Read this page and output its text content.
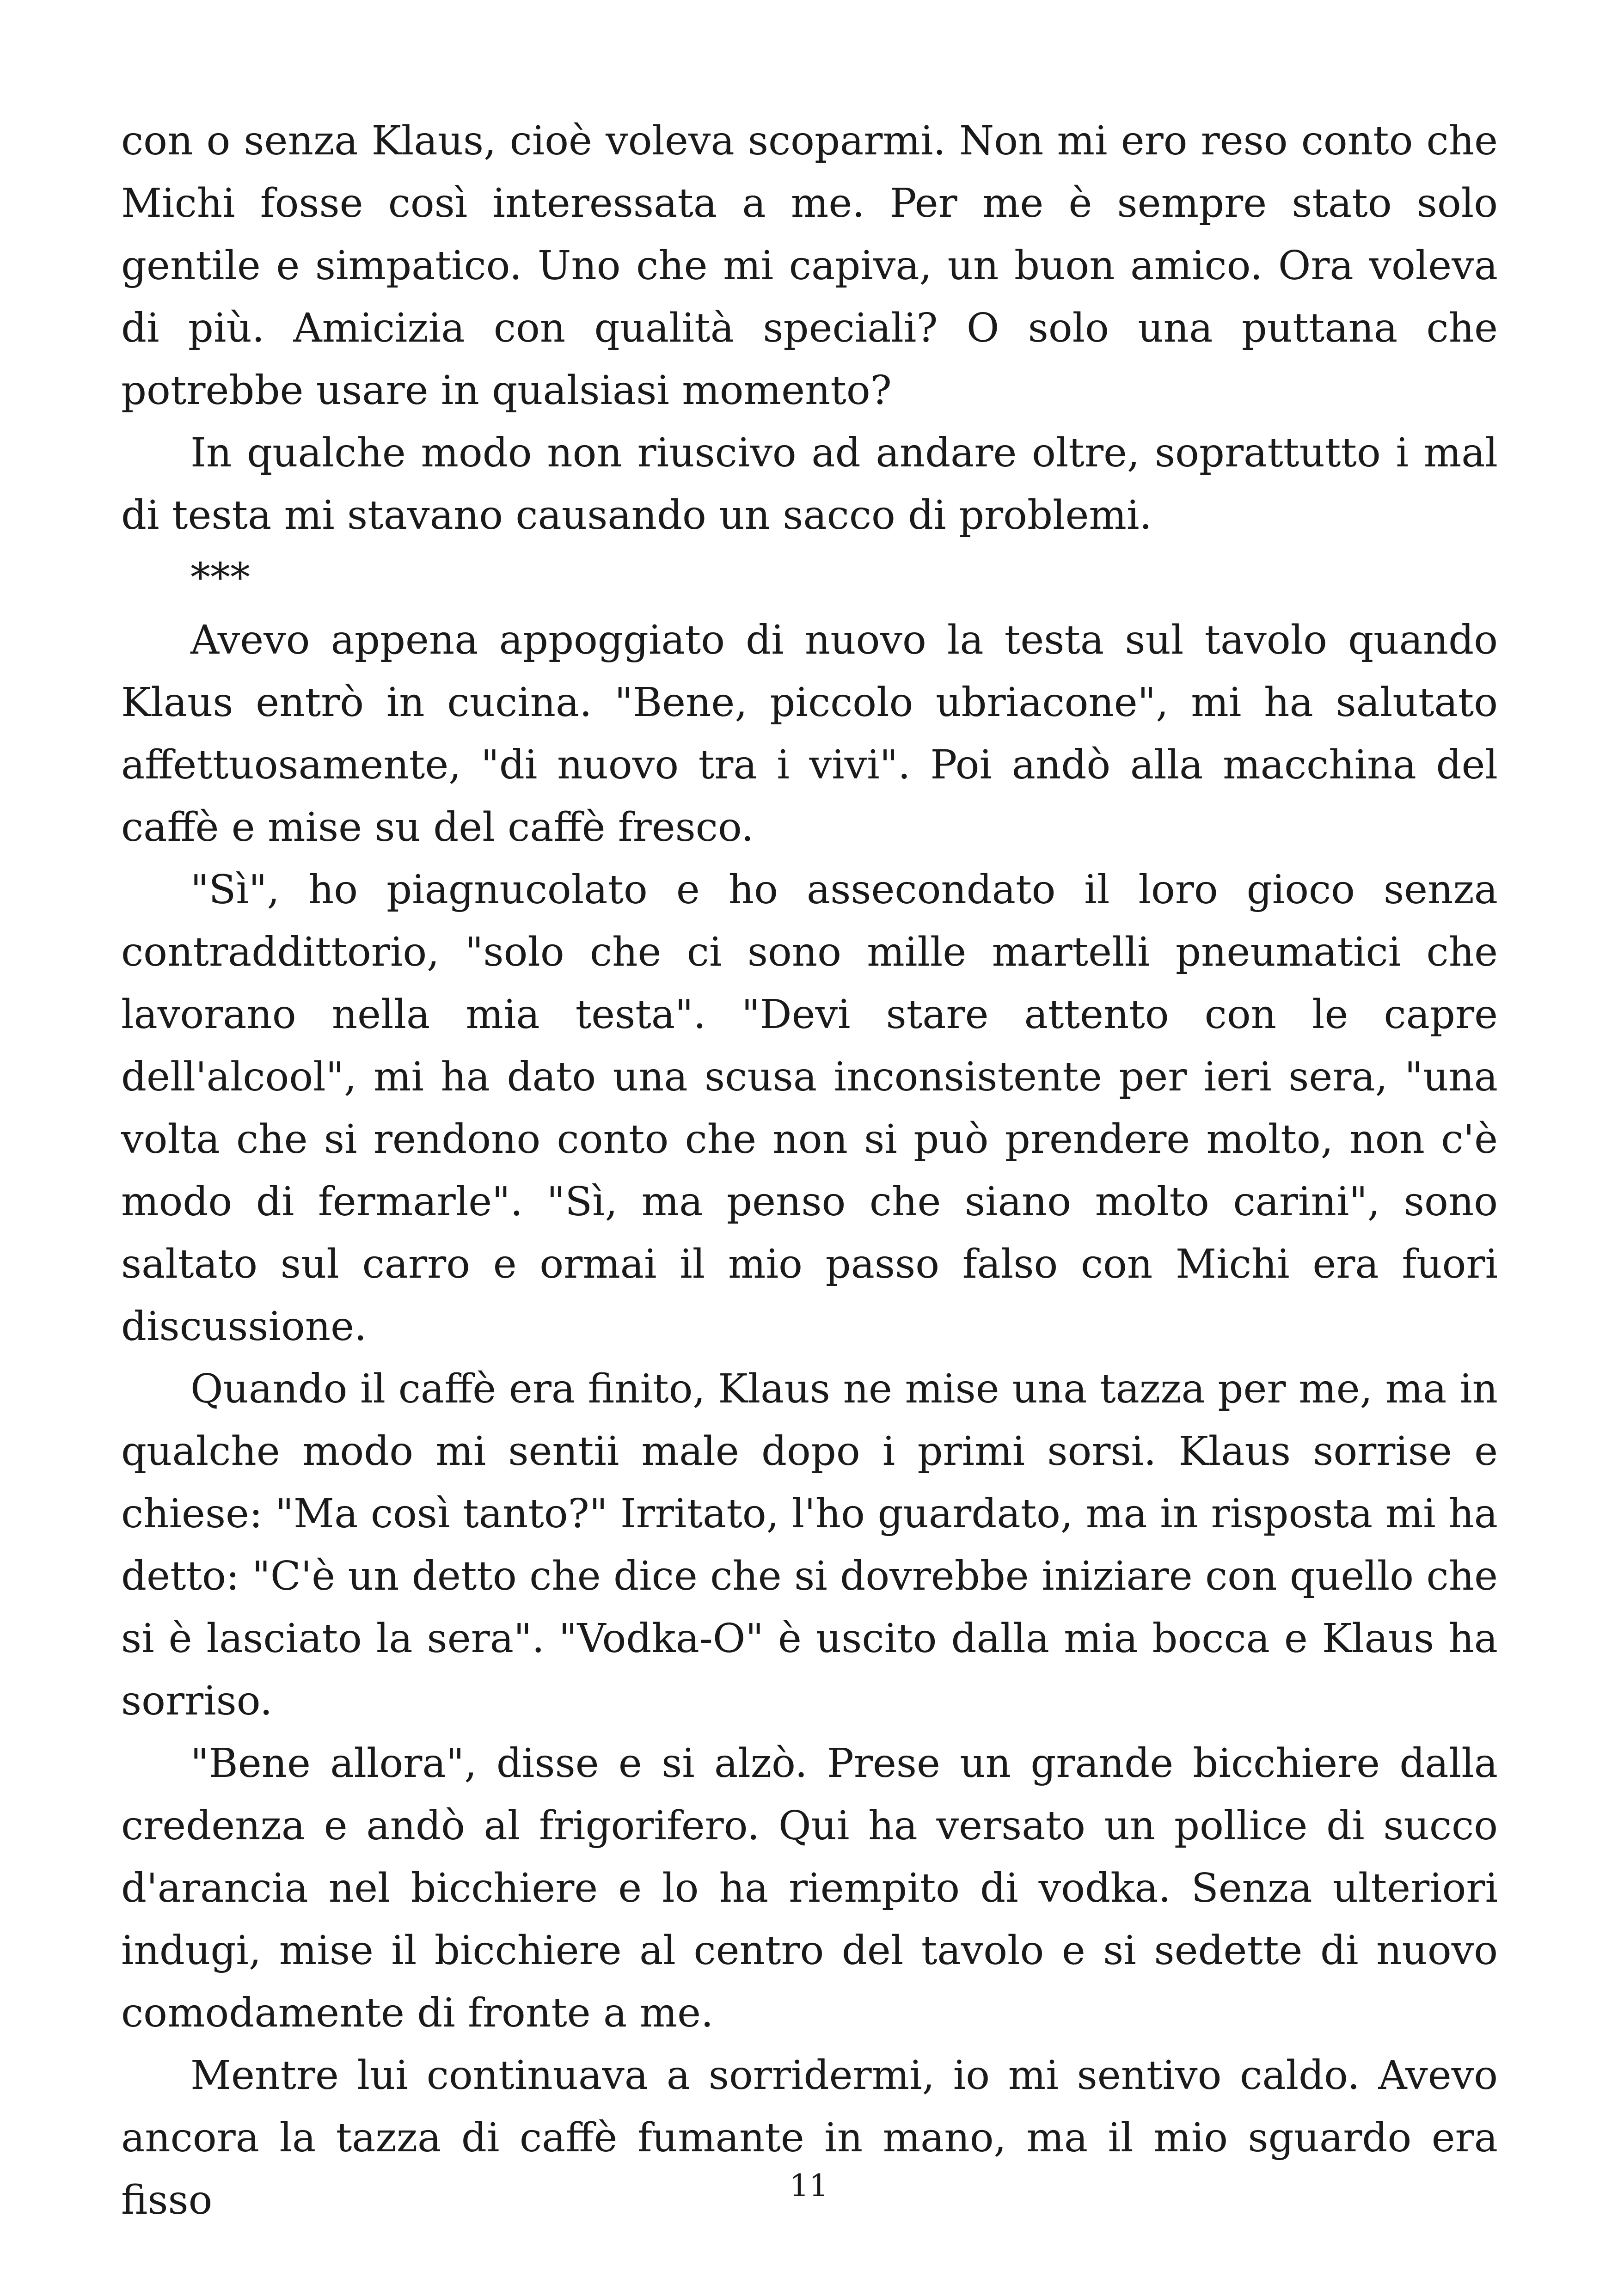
con o senza Klaus, cioè voleva scoparmi. Non mi ero reso conto che Michi fosse così interessata a me. Per me è sempre stato solo gentile e simpatico. Uno che mi capiva, un buon amico. Ora voleva di più. Amicizia con qualità speciali? O solo una puttana che potrebbe usare in qualsiasi momento?

In qualche modo non riuscivo ad andare oltre, soprattutto i mal di testa mi stavano causando un sacco di problemi.

***

Avevo appena appoggiato di nuovo la testa sul tavolo quando Klaus entrò in cucina. "Bene, piccolo ubriacone", mi ha salutato affettuosamente, "di nuovo tra i vivi". Poi andò alla macchina del caffè e mise su del caffè fresco.

"Sì", ho piagnucolato e ho assecondato il loro gioco senza contraddittorio, "solo che ci sono mille martelli pneumatici che lavorano nella mia testa". "Devi stare attento con le capre dell'alcool", mi ha dato una scusa inconsistente per ieri sera, "una volta che si rendono conto che non si può prendere molto, non c'è modo di fermarle". "Sì, ma penso che siano molto carini", sono saltato sul carro e ormai il mio passo falso con Michi era fuori discussione.

Quando il caffè era finito, Klaus ne mise una tazza per me, ma in qualche modo mi sentii male dopo i primi sorsi. Klaus sorrise e chiese: "Ma così tanto?" Irritato, l'ho guardato, ma in risposta mi ha detto: "C'è un detto che dice che si dovrebbe iniziare con quello che si è lasciato la sera". "Vodka-O" è uscito dalla mia bocca e Klaus ha sorriso.

"Bene allora", disse e si alzò. Prese un grande bicchiere dalla credenza e andò al frigorifero. Qui ha versato un pollice di succo d'arancia nel bicchiere e lo ha riempito di vodka. Senza ulteriori indugi, mise il bicchiere al centro del tavolo e si sedette di nuovo comodamente di fronte a me.

Mentre lui continuava a sorridermi, io mi sentivo caldo. Avevo ancora la tazza di caffè fumante in mano, ma il mio sguardo era fisso	11
